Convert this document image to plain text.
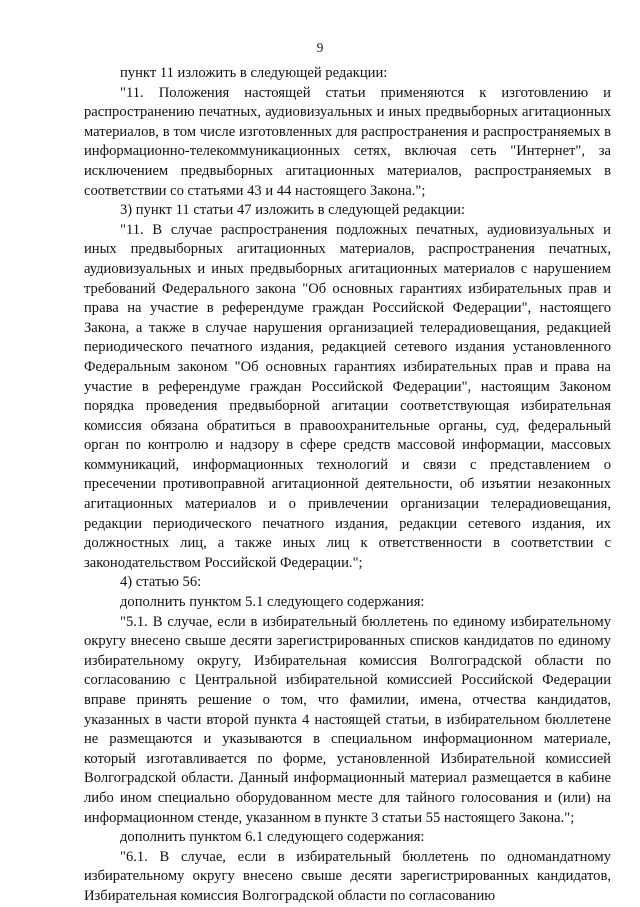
9

пункт 11 изложить в следующей редакции:

"11. Положения настоящей статьи применяются к изготовлению и распространению печатных, аудиовизуальных и иных предвыборных агитационных материалов, в том числе изготовленных для распространения и распространяемых в информационно-телекоммуникационных сетях, включая сеть "Интернет", за исключением предвыборных агитационных материалов, распространяемых в соответствии со статьями 43 и 44 настоящего Закона.";

3) пункт 11 статьи 47 изложить в следующей редакции:

"11. В случае распространения подложных печатных, аудиовизуальных и иных предвыборных агитационных материалов, распространения печатных, аудиовизуальных и иных предвыборных агитационных материалов с нарушением требований Федерального закона "Об основных гарантиях избирательных прав и права на участие в референдуме граждан Российской Федерации", настоящего Закона, а также в случае нарушения организацией телерадиовещания, редакцией периодического печатного издания, редакцией сетевого издания установленного Федеральным законом "Об основных гарантиях избирательных прав и права на участие в референдуме граждан Российской Федерации", настоящим Законом порядка проведения предвыборной агитации соответствующая избирательная комиссия обязана обратиться в правоохранительные органы, суд, федеральный орган по контролю и надзору в сфере средств массовой информации, массовых коммуникаций, информационных технологий и связи с представлением о пресечении противоправной агитационной деятельности, об изъятии незаконных агитационных материалов и о привлечении организации телерадиовещания, редакции периодического печатного издания, редакции сетевого издания, их должностных лиц, а также иных лиц к ответственности в соответствии с законодательством Российской Федерации.";

4) статью 56:

дополнить пунктом 5.1 следующего содержания:

"5.1. В случае, если в избирательный бюллетень по единому избирательному округу внесено свыше десяти зарегистрированных списков кандидатов по единому избирательному округу, Избирательная комиссия Волгоградской области по согласованию с Центральной избирательной комиссией Российской Федерации вправе принять решение о том, что фамилии, имена, отчества кандидатов, указанных в части второй пункта 4 настоящей статьи, в избирательном бюллетене не размещаются и указываются в специальном информационном материале, который изготавливается по форме, установленной Избирательной комиссией Волгоградской области. Данный информационный материал размещается в кабине либо ином специально оборудованном месте для тайного голосования и (или) на информационном стенде, указанном в пункте 3 статьи 55 настоящего Закона.";

дополнить пунктом 6.1 следующего содержания:

"6.1. В случае, если в избирательный бюллетень по одномандатному избирательному округу внесено свыше десяти зарегистрированных кандидатов, Избирательная комиссия Волгоградской области по согласованию
